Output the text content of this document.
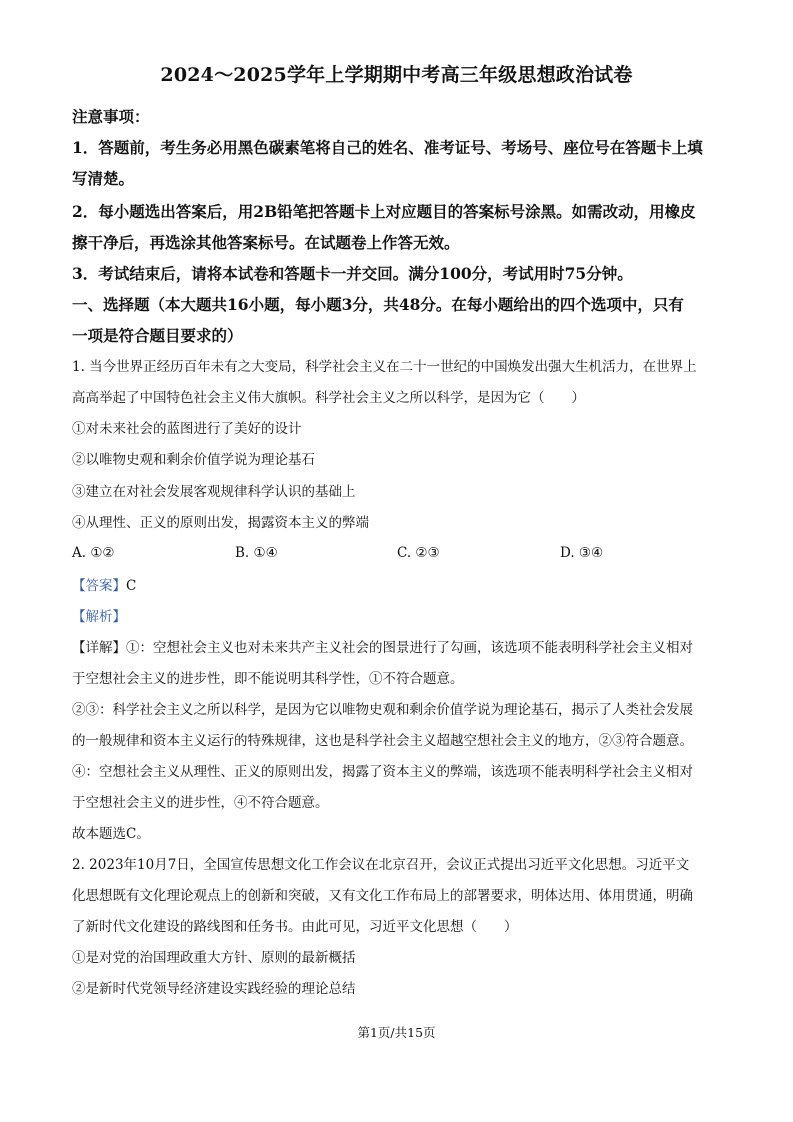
2024～2025学年上学期期中考高三年级思想政治试卷
注意事项：
1．答题前，考生务必用黑色碳素笔将自己的姓名、准考证号、考场号、座位号在答题卡上填
写清楚。
2．每小题选出答案后，用2B铅笔把答题卡上对应题目的答案标号涂黑。如需改动，用橡皮
擦干净后，再选涂其他答案标号。在试题卷上作答无效。
3．考试结束后，请将本试卷和答题卡一并交回。满分100分，考试用时75分钟。
一、选择题（本大题共16小题，每小题3分，共48分。在每小题给出的四个选项中，只有
一项是符合题目要求的）
1. 当今世界正经历百年未有之大变局，科学社会主义在二十一世纪的中国焕发出强大生机活力，在世界上
高高举起了中国特色社会主义伟大旗帜。科学社会主义之所以科学，是因为它（　　）
①对未来社会的蓝图进行了美好的设计
②以唯物史观和剩余价值学说为理论基石
③建立在对社会发展客观规律科学认识的基础上
④从理性、正义的原则出发，揭露资本主义的弊端
A. ①②	B. ①④	C. ②③	D. ③④
【答案】C
【解析】
【详解】①：空想社会主义也对未来共产主义社会的图景进行了勾画，该选项不能表明科学社会主义相对
于空想社会主义的进步性，即不能说明其科学性，①不符合题意。
②③：科学社会主义之所以科学，是因为它以唯物史观和剩余价值学说为理论基石，揭示了人类社会发展
的一般规律和资本主义运行的特殊规律，这也是科学社会主义超越空想社会主义的地方，②③符合题意。
④：空想社会主义从理性、正义的原则出发，揭露了资本主义的弊端，该选项不能表明科学社会主义相对
于空想社会主义的进步性，④不符合题意。
故本题选C。
2. 2023年10月7日，全国宣传思想文化工作会议在北京召开，会议正式提出习近平文化思想。习近平文
化思想既有文化理论观点上的创新和突破，又有文化工作布局上的部署要求，明体达用、体用贯通，明确
了新时代文化建设的路线图和任务书。由此可见，习近平文化思想（　　）
①是对党的治国理政重大方针、原则的最新概括
②是新时代党领导经济建设实践经验的理论总结
第1页/共15页
